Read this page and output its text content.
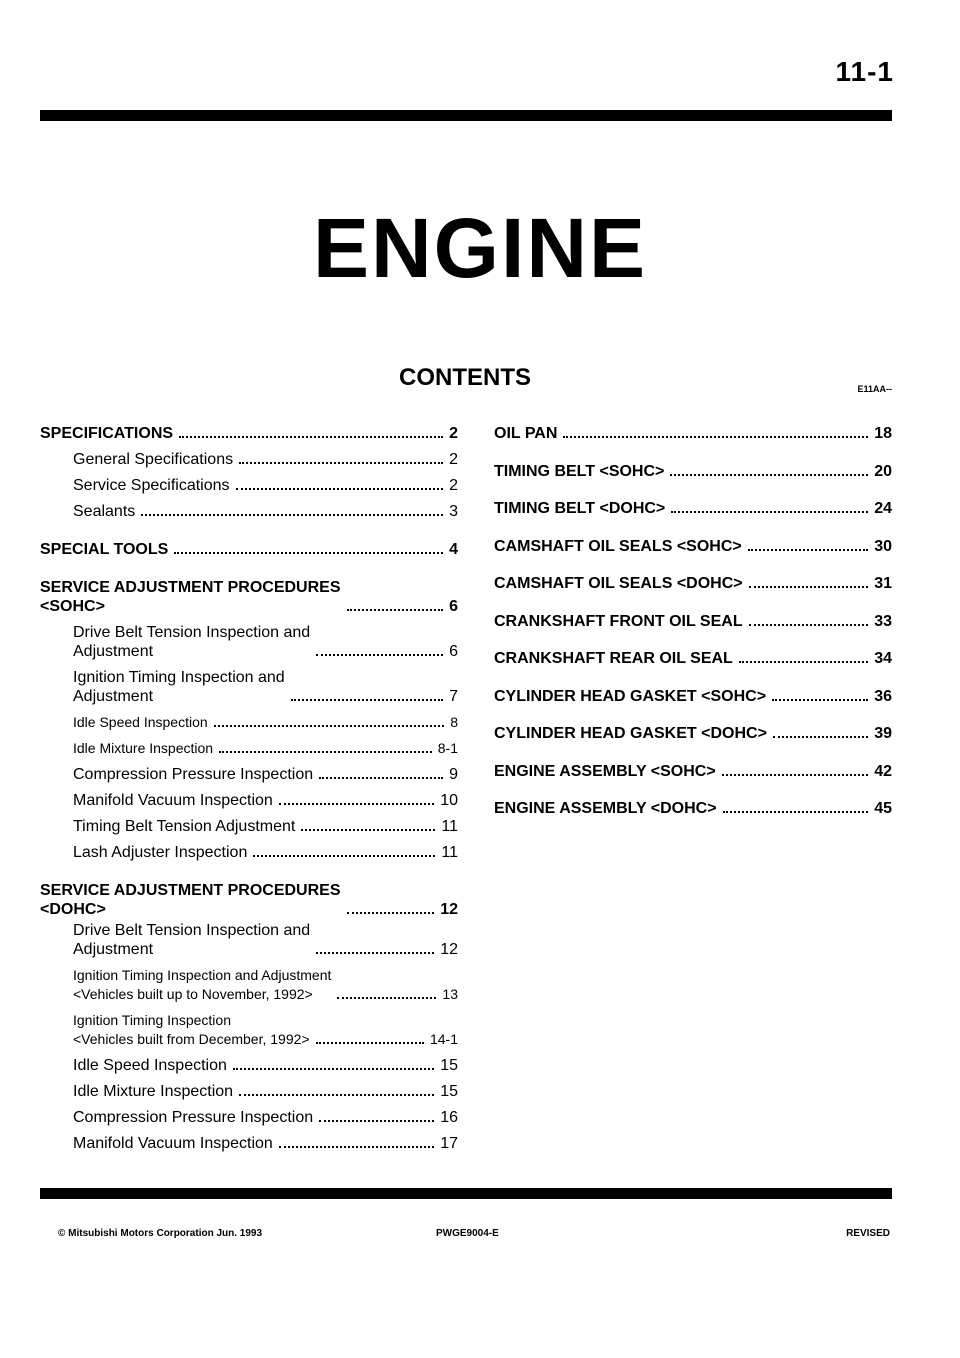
11-1
ENGINE
CONTENTS	E11AA--
SPECIFICATIONS	2
General Specifications	2
Service Specifications	2
Sealants	3
SPECIAL TOOLS	4
SERVICE ADJUSTMENT PROCEDURES
<SOHC>	6
Drive Belt Tension Inspection and
Adjustment	6
Ignition Timing Inspection and
Adjustment	7
Idle Speed Inspection	8
Idle Mixture Inspection	8-1
Compression Pressure Inspection	9
Manifold Vacuum Inspection	10
Timing Belt Tension Adjustment	11
Lash Adjuster Inspection	11
SERVICE ADJUSTMENT PROCEDURES
<DOHC>	12
Drive Belt Tension Inspection and
Adjustment	12
Ignition Timing Inspection and Adjustment
<Vehicles built up to November, 1992>	13
Ignition Timing Inspection
<Vehicles built from December, 1992>	14-1
Idle Speed Inspection	15
Idle Mixture Inspection	15
Compression Pressure Inspection	16
Manifold Vacuum Inspection	17
OIL PAN	18
TIMING BELT <SOHC>	20
TIMING BELT <DOHC>	24
CAMSHAFT OIL SEALS <SOHC>	30
CAMSHAFT OIL SEALS <DOHC>	31
CRANKSHAFT FRONT OIL SEAL	33
CRANKSHAFT REAR OIL SEAL	34
CYLINDER HEAD GASKET <SOHC>	36
CYLINDER HEAD GASKET <DOHC>	39
ENGINE ASSEMBLY <SOHC>	42
ENGINE ASSEMBLY <DOHC>	45
© Mitsubishi Motors Corporation Jun. 1993	PWGE9004-E	REVISED
